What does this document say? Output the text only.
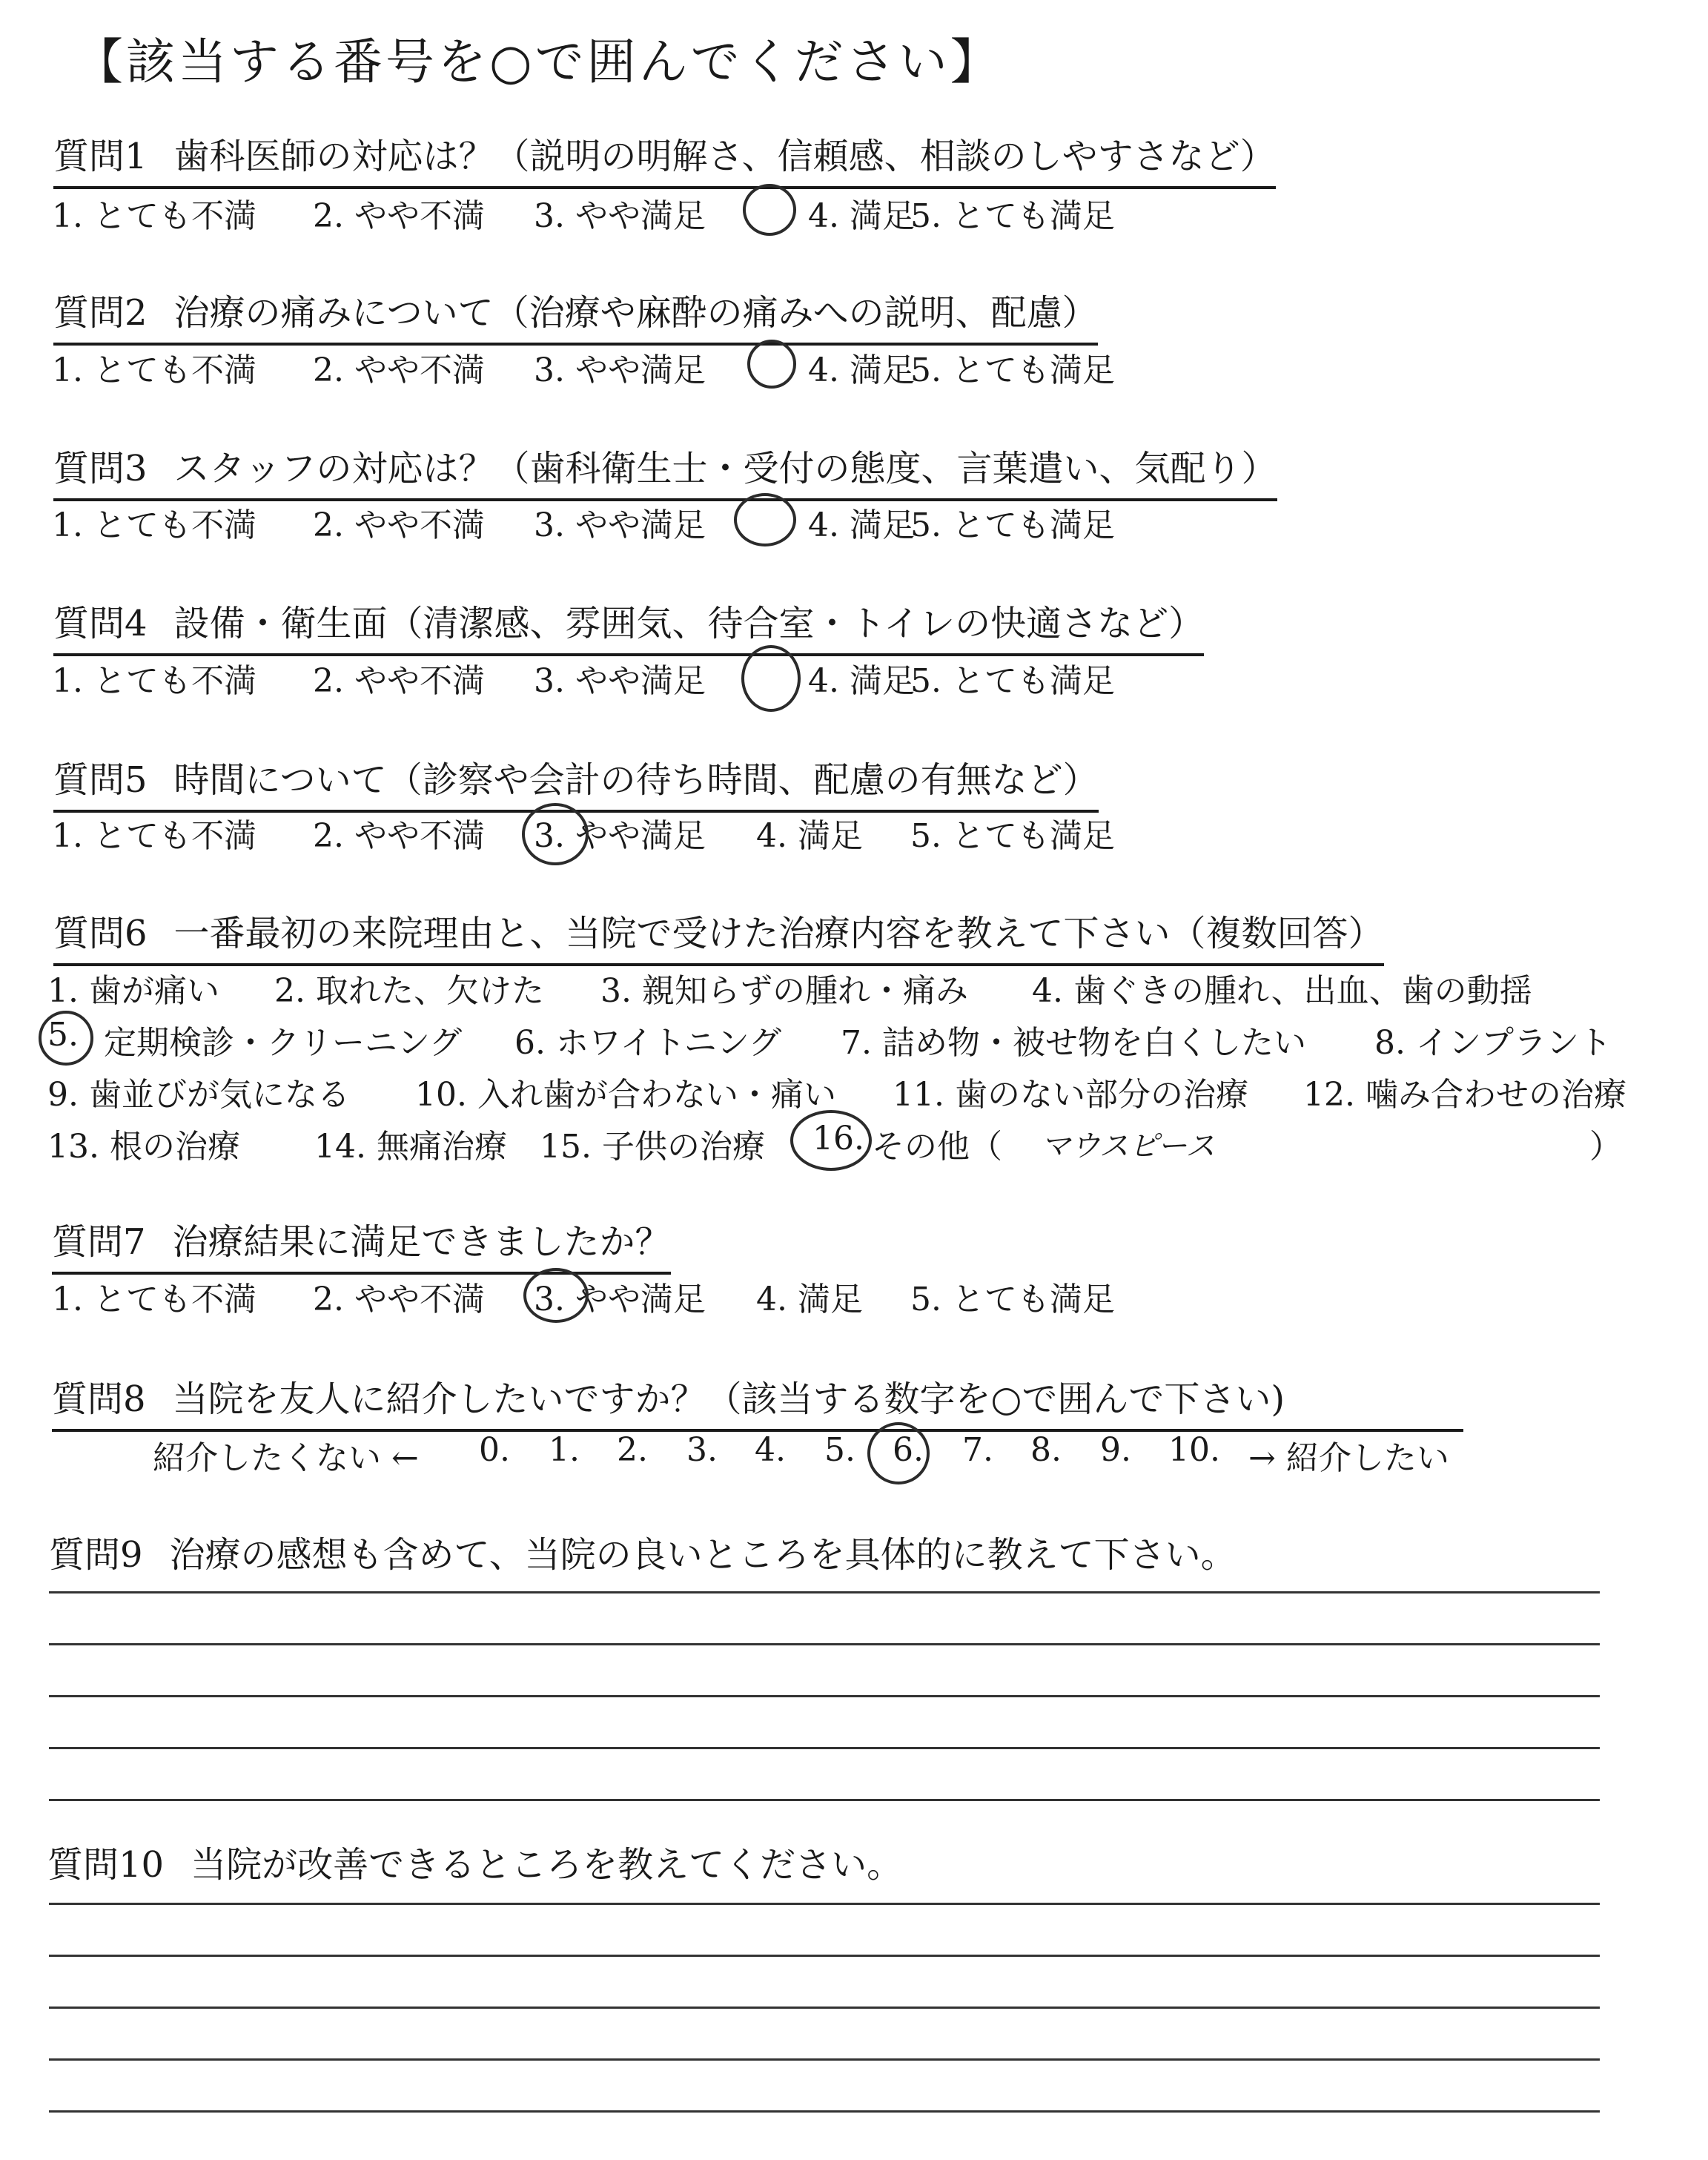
【該当する番号を○で囲んでください】
質問1 歯科医師の対応は？（説明の明解さ、信頼感、相談のしやすさなど）
1. とても不満 2. やや不満 3. やや満足	4. 満足
5. とても満足
質問2 治療の痛みについて（治療や麻酔の痛みへの説明、配慮）
1. とても不満 2. やや不満 3. やや満足	4. 満足
5. とても満足
質問3 スタッフの対応は？（歯科衛生士・受付の態度、言葉遣い、気配り）
1. とても不満 2. やや不満 3. やや満足	4. 満足
5. とても満足
質問4 設備・衛生面（清潔感、雰囲気、待合室・トイレの快適さなど）
1. とても不満 2. やや不満 3. やや満足	4. 満足
5. とても満足
質問5 時間について（診察や会計の待ち時間、配慮の有無など）
1. とても不満 2. やや不満 3. やや満足 4. 満足 5. とても満足
質問6 一番最初の来院理由と、当院で受けた治療内容を教えて下さい（複数回答）
1. 歯が痛い 2. 取れた、欠けた 3. 親知らずの腫れ・痛み 4. 歯ぐきの腫れ、出血、歯の動揺
5. 定期検診・クリーニング 6. ホワイトニング 7. 詰め物・被せ物を白くしたい 8. インプラント
9. 歯並びが気になる 10. 入れ歯が合わない・痛い 11. 歯のない部分の治療 12. 噛み合わせの治療
13. 根の治療 14. 無痛治療 15. 子供の治療 16. その他（ マウスピース	）
質問7 治療結果に満足できましたか？
1. とても不満 2. やや不満 3. やや満足 4. 満足 5. とても満足
質問8 当院を友人に紹介したいですか？（該当する数字を○で囲んで下さい)
紹介したくない ← 0. 1. 2. 3. 4. 5. 6. 7. 8. 9. 10. → 紹介したい
質問9 治療の感想も含めて、当院の良いところを具体的に教えて下さい。
質問10 当院が改善できるところを教えてください。
